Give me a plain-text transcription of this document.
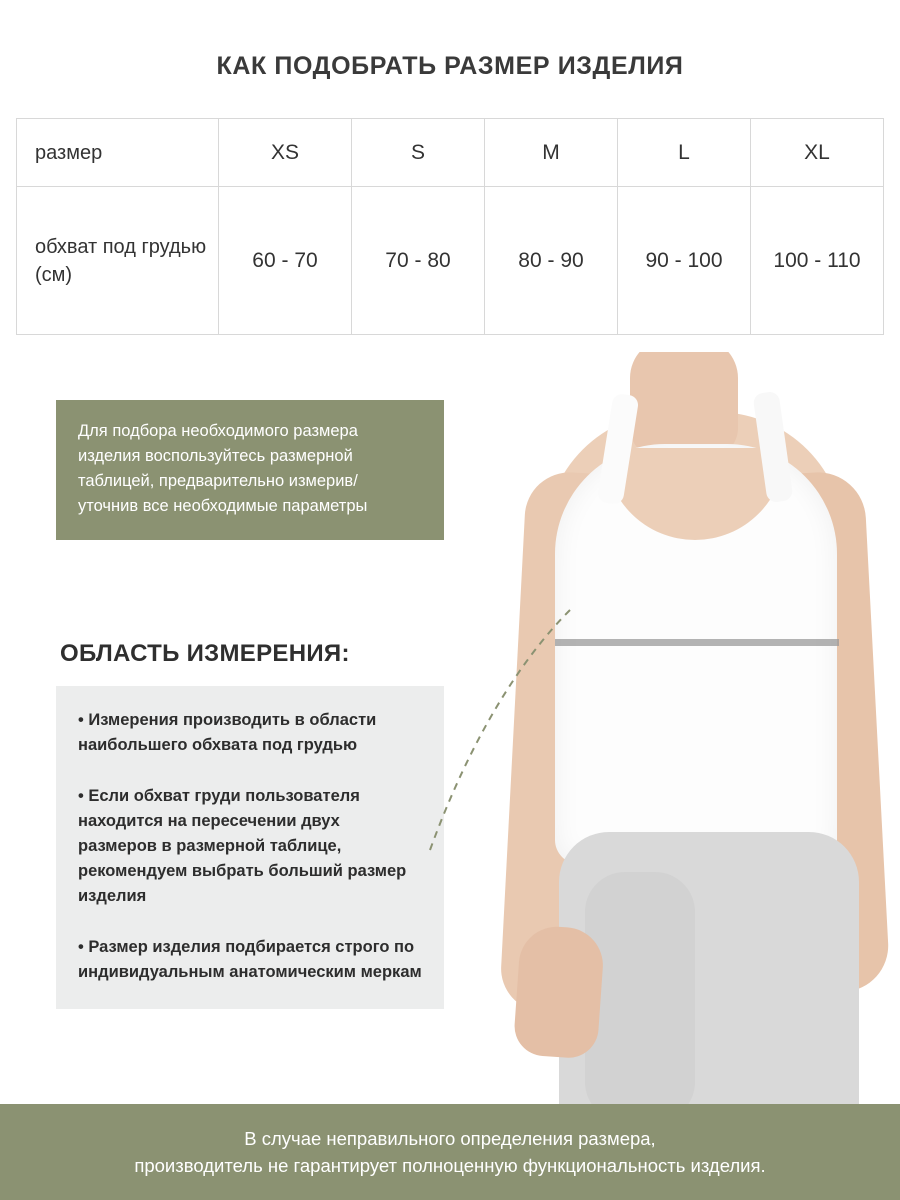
КАК ПОДОБРАТЬ РАЗМЕР ИЗДЕЛИЯ
размер	XS	S	M	L	XL
обхват под грудью (см)	60 - 70	70 - 80	80 - 90	90 - 100	100 - 110
Для подбора необходимого размера изделия воспользуйтесь размерной таблицей, предварительно измерив/ уточнив все необходимые параметры
ОБЛАСТЬ ИЗМЕРЕНИЯ:

• Измерения производить в области наибольшего обхвата под грудью

• Если обхват груди пользователя находится на пересечении двух размеров в размерной таблице, рекомендуем выбрать больший размер изделия

• Размер изделия подбирается строго по индивидуальным анатомическим меркам

В случае неправильного определения размера,
производитель не гарантирует полноценную функциональность изделия.
